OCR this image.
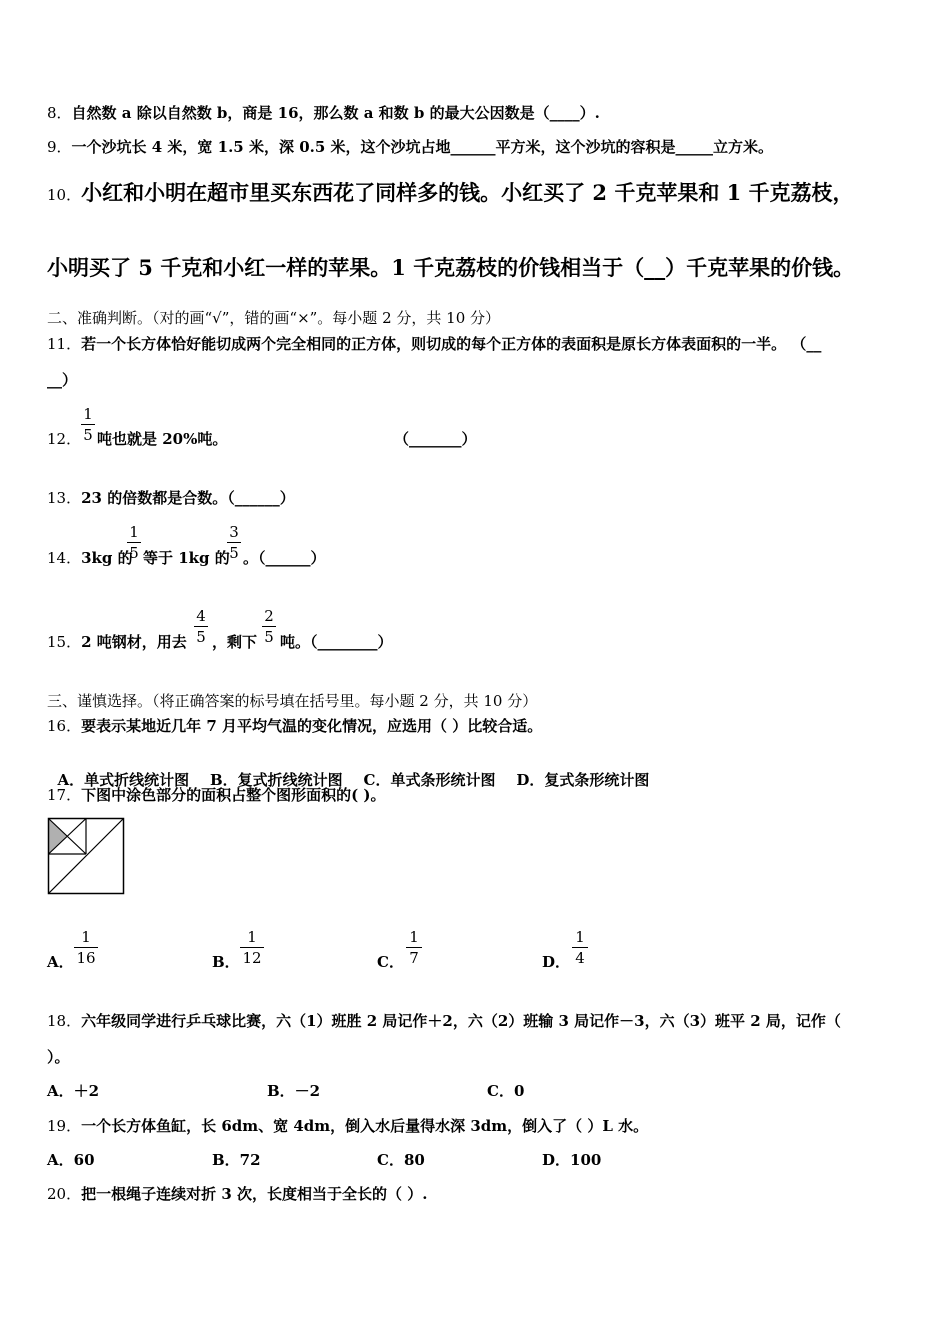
8．自然数 a 除以自然数 b，商是 16，那么数 a 和数 b 的最大公因数是（____）.
9．一个沙坑长 4 米，宽 1.5 米，深 0.5 米，这个沙坑占地______平方米，这个沙坑的容积是_____立方米。
10．小红和小明在超市里买东西花了同样多的钱。小红买了 2 千克苹果和 1 千克荔枝，
小明买了 5 千克和小红一样的苹果。1 千克荔枝的价钱相当于（__）千克苹果的价钱。
二、准确判断。（对的画“√”，错的画“×”。每小题 2 分，共 10 分）
11．若一个长方体恰好能切成两个完全相同的正方体，则切成的每个正方体的表面积是原长方体表面积的一半。 （__
__）
12．
1
5 吨也就是 20%吨。	（_______）
13．23 的倍数都是合数。（______）
14．3kg 的
1
5 等于 1kg 的
3
5 。（______）
15．2 吨钢材，用去
4
5 ，剩下
2
5 吨。（________）
三、谨慎选择。（将正确答案的标号填在括号里。每小题 2 分，共 10 分）
16．要表示某地近几年 7 月平均气温的变化情况，应选用（ ）比较合适。

A．单式折线统计图    B．复式折线统计图    C．单式条形统计图    D．复式条形统计图

17．下图中涂色部分的面积占整个图形面积的( )。
A．
1
16	B．
1
12	C．
1
7	D．
1
4
18．六年级同学进行乒乓球比赛，六（1）班胜 2 局记作＋2，六（2）班输 3 局记作－3，六（3）班平 2 局，记作（
）。
A．＋2	B．－2	C．0
19．一个长方体鱼缸，长 6dm、宽 4dm，倒入水后量得水深 3dm，倒入了（ ）L 水。
A．60	B．72	C．80	D．100
20．把一根绳子连续对折 3 次，长度相当于全长的（ ）.
